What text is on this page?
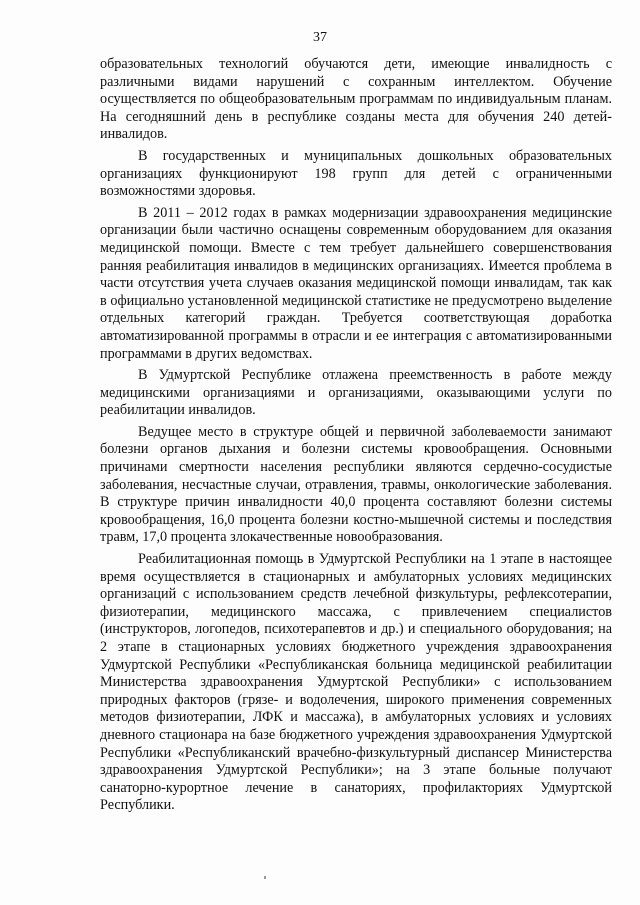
37

образовательных технологий обучаются дети, имеющие инвалидность с различными видами нарушений с сохранным интеллектом. Обучение осуществляется по общеобразовательным программам по индивидуальным планам. На сегодняшний день в республике созданы места для обучения 240 детей-инвалидов.

В государственных и муниципальных дошкольных образовательных организациях функционируют 198 групп для детей с ограниченными возможностями здоровья.

В 2011 – 2012 годах в рамках модернизации здравоохранения медицинские организации были частично оснащены современным оборудованием для оказания медицинской помощи. Вместе с тем требует дальнейшего совершенствования ранняя реабилитация инвалидов в медицинских организациях. Имеется проблема в части отсутствия учета случаев оказания медицинской помощи инвалидам, так как в официально установленной медицинской статистике не предусмотрено выделение отдельных категорий граждан. Требуется соответствующая доработка автоматизированной программы в отрасли и ее интеграция с автоматизированными программами в других ведомствах.

В Удмуртской Республике отлажена преемственность в работе между медицинскими организациями и организациями, оказывающими услуги по реабилитации инвалидов.

Ведущее место в структуре общей и первичной заболеваемости занимают болезни органов дыхания и болезни системы кровообращения. Основными причинами смертности населения республики являются сердечно-сосудистые заболевания, несчастные случаи, отравления, травмы, онкологические заболевания. В структуре причин инвалидности 40,0 процента составляют болезни системы кровообращения, 16,0 процента болезни костно-мышечной системы и последствия травм, 17,0 процента злокачественные новообразования.

Реабилитационная помощь в Удмуртской Республики на 1 этапе в настоящее время осуществляется в стационарных и амбулаторных условиях медицинских организаций с использованием средств лечебной физкультуры, рефлексотерапии, физиотерапии, медицинского массажа, с привлечением специалистов (инструкторов, логопедов, психотерапевтов и др.) и специального оборудования; на 2 этапе в стационарных условиях бюджетного учреждения здравоохранения Удмуртской Республики «Республиканская больница медицинской реабилитации Министерства здравоохранения Удмуртской Республики» с использованием природных факторов (грязе- и водолечения, широкого применения современных методов физиотерапии, ЛФК и массажа), в амбулаторных условиях и условиях дневного стационара на базе бюджетного учреждения здравоохранения Удмуртской Республики «Республиканский врачебно-физкультурный диспансер Министерства здравоохранения Удмуртской Республики»; на 3 этапе больные получают санаторно-курортное лечение в санаториях, профилакториях Удмуртской Республики.
